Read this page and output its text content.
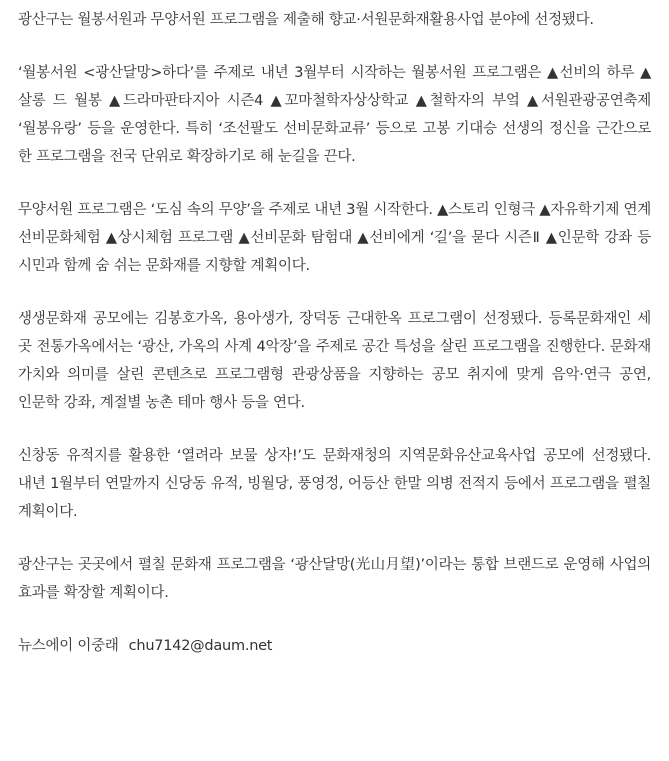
광산구는 월봉서원과 무양서원 프로그램을 제출해 향교·서원문화재활용사업 분야에 선정됐다.

‘월봉서원 <광산달망>하다’를 주제로 내년 3월부터 시작하는 월봉서원 프로그램은 ▲선비의 하루 ▲살롱 드 월봉 ▲드라마판타지아 시즌4 ▲꼬마철학자상상학교 ▲철학자의 부엌 ▲서원관광공연축제 ‘월봉유랑’ 등을 운영한다. 특히 ‘조선팔도 선비문화교류’ 등으로 고봉 기대승 선생의 정신을 근간으로 한 프로그램을 전국 단위로 확장하기로 해 눈길을 끈다.

무양서원 프로그램은 ‘도심 속의 무양’을 주제로 내년 3월 시작한다. ▲스토리 인형극 ▲자유학기제 연계 선비문화체험 ▲상시체험 프로그램 ▲선비문화 탐험대 ▲선비에게 ‘길’을 묻다 시즌Ⅱ ▲인문학 강좌 등 시민과 함께 숨 쉬는 문화재를 지향할 계획이다.

생생문화재 공모에는 김봉호가옥, 용아생가, 장덕동 근대한옥 프로그램이 선정됐다. 등록문화재인 세 곳 전통가옥에서는 ‘광산, 가옥의 사계 4악장’을 주제로 공간 특성을 살린 프로그램을 진행한다. 문화재 가치와 의미를 살린 콘텐츠로 프로그램형 관광상품을 지향하는 공모 취지에 맞게 음악·연극 공연, 인문학 강좌, 계절별 농촌 테마 행사 등을 연다.

신창동 유적지를 활용한 ‘열려라 보물 상자!’도 문화재청의 지역문화유산교육사업 공모에 선정됐다. 내년 1월부터 연말까지 신당동 유적, 빙월당, 풍영정, 어등산 한말 의병 전적지 등에서 프로그램을 펼칠 계획이다.

광산구는 곳곳에서 펼칠 문화재 프로그램을 ‘광산달망(光山月望)’이라는 통합 브랜드로 운영해 사업의 효과를 확장할 계획이다.

뉴스에이 이중래 chu7142@daum.net
